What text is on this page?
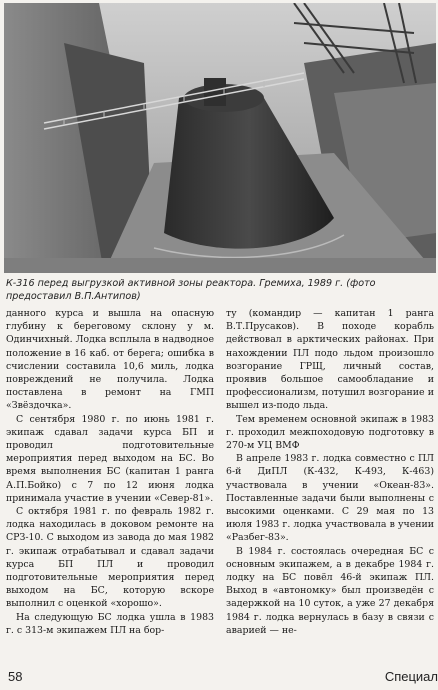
К-316 перед выгрузкой активной зоны реактора. Гремиха, 1989 г. (фото предоставил В.П.Антипов)

данного курса и вышла на опасную глубину к береговому склону у м. Одинчихный. Лодка всплыла в надводное положение в 16 каб. от берега; ошибка в счислении составила 10,6 миль, лодка повреждений не получила. Лодка поставлена в ремонт на ГМП «Звёздочка».

С сентября 1980 г. по июнь 1981 г. экипаж сдавал задачи курса БП и проводил подготовительные мероприятия перед выходом на БС. Во время выполнения БС (капитан 1 ранга А.П.Бойко) с 7 по 12 июня лодка принимала участие в учении «Север-81».

С октября 1981 г. по февраль 1982 г. лодка находилась в доковом ремонте на СРЗ-10. С выходом из завода до мая 1982 г. экипаж отрабатывал и сдавал задачи курса БП ПЛ и проводил подготовительные мероприятия перед выходом на БС, которую вскоре выполнил с оценкой «хорошо».

На следующую БС лодка ушла в 1983 г. с 313-м экипажем ПЛ на бор-

ту (командир — капитан 1 ранга В.Т.Прусаков). В походе корабль действовал в арктических районах. При нахождении ПЛ подо льдом произошло возгорание ГРЩ, личный состав, проявив большое самообладание и профессионализм, потушил возгорание и вышел из-подо льда.

Тем временем основной экипаж в 1983 г. проходил межпоходовую подготовку в 270-м УЦ ВМФ

В апреле 1983 г. лодка совместно с ПЛ 6-й ДиПЛ (К-432, К-493, К-463) участвовала в учении «Океан-83». Поставленные задачи были выполнены с высокими оценками. С 29 мая по 13 июля 1983 г. лодка участвовала в учении «Разбег-83».

В 1984 г. состоялась очередная БС с основным экипажем, а в декабре 1984 г. лодку на БС повёл 46-й экипаж ПЛ. Выход в «автономку» был произведён с задержкой на 10 суток, а уже 27 декабря 1984 г. лодка вернулась в базу в связи с аварией — не-

58	Специал
